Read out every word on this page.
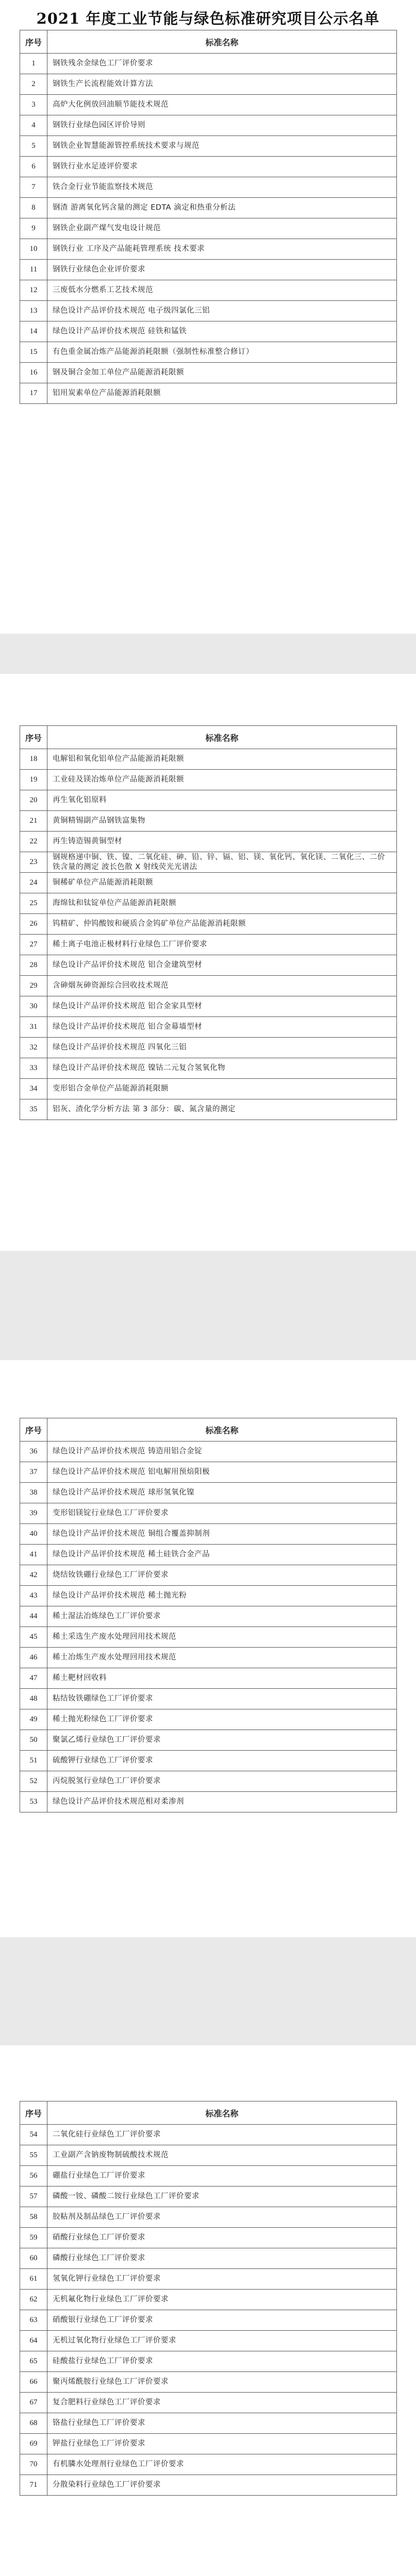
2021 年度工业节能与绿色标准研究项目公示名单
序号	标准名称
1	钢铁残余金绿色工厂评价要求
2	钢铁生产长流程能效计算方法
3	高炉大化例放回油顺节能技术规范
4	钢铁行业绿色园区评价导则
5	钢铁企业智慧能源管控系统技术要求与规范
6	钢铁行业水足迹评价要求
7	铁合金行业节能监察技术规范
8	钢渣 游离氧化钙含量的测定 EDTA 滴定和热重分析法
9	钢铁企业副产煤气发电设计规范
10	钢铁行业 工序及产品能耗管理系统 技术要求
11	钢铁行业绿色企业评价要求
12	三废低水分燃系工艺技术规范
13	绿色设计产品评价技术规范 电子级四氯化三铝
14	绿色设计产品评价技术规范 硅铁和锰铁
15	有色重金属冶炼产品能源消耗限额（强制性标准整合修订）
16	钢及铜合金加工单位产品能源消耗限额
17	铝用炭素单位产品能源消耗限额
序号	标准名称
18	电解铝和氧化铝单位产品能源消耗限额
19	工业硅及镁冶炼单位产品能源消耗限额
20	再生氧化铝原料
21	黄铜精锡副产品钢铁富集物
22	再生铸造锡黄铜型材
23	钢规格递中铜、铁、镍、二氧化硅、砷、铅、锌、镉、铝、镁、氧化钙、氧化镁、二氧化三、二价铁含量的测定 波长色散 X 射线荧光光谱法
24	铜稀矿单位产品能源消耗限额
25	海绵钛和钛锭单位产品能源消耗限额
26	钨精矿、仲钨酸铵和硬质合金钨矿单位产品能源消耗限额
27	稀土离子电池正极材料行业绿色工厂评价要求
28	绿色设计产品评价技术规范 铝合金建筑型材
29	含砷烟灰砷资源综合回收技术规范
30	绿色设计产品评价技术规范 铝合金家具型材
31	绿色设计产品评价技术规范 铝合金幕墙型材
32	绿色设计产品评价技术规范 四氧化三铝
33	绿色设计产品评价技术规范 镍钴二元复合氢氧化物
34	变形铝合金单位产品能源消耗限额
35	铝灰、渣化学分析方法 第 3 部分：碳、氮含量的测定
序号	标准名称
36	绿色设计产品评价技术规范 铸造用铝合金锭
37	绿色设计产品评价技术规范 铝电解用预焙阳极
38	绿色设计产品评价技术规范 球形氢氧化镍
39	变形铝镁锭行业绿色工厂评价要求
40	绿色设计产品评价技术规范 铜组合覆盖抑制剂
41	绿色设计产品评价技术规范 稀土硅铁合金产品
42	烧结钕铁硼行业绿色工厂评价要求
43	绿色设计产品评价技术规范 稀土抛光粉
44	稀土湿法冶炼绿色工厂评价要求
45	稀土采选生产废水处理回用技术规范
46	稀土冶炼生产废水处理回用技术规范
47	稀土靶材回收料
48	粘结钕铁硼绿色工厂评价要求
49	稀土抛光粉绿色工厂评价要求
50	聚氯乙烯行业绿色工厂评价要求
51	硫酸钾行业绿色工厂评价要求
52	丙烷脱氢行业绿色工厂评价要求
53	绿色设计产品评价技术规范相对柔渗剂
序号	标准名称
54	二氧化硅行业绿色工厂评价要求
55	工业副产含钠废物制硫酸技术规范
56	硼盐行业绿色工厂评价要求
57	磷酸一铵、磷酸二铵行业绿色工厂评价要求
58	胶粘剂及制品绿色工厂评价要求
59	硝酸行业绿色工厂评价要求
60	磷酸行业绿色工厂评价要求
61	氢氧化钾行业绿色工厂评价要求
62	无机氟化物行业绿色工厂评价要求
63	硝酸银行业绿色工厂评价要求
64	无机过氧化物行业绿色工厂评价要求
65	硅酸盐行业绿色工厂评价要求
66	聚丙烯酰胺行业绿色工厂评价要求
67	复合肥料行业绿色工厂评价要求
68	铬盐行业绿色工厂评价要求
69	钾盐行业绿色工厂评价要求
70	有机膦水处理剂行业绿色工厂评价要求
71	分散染料行业绿色工厂评价要求
